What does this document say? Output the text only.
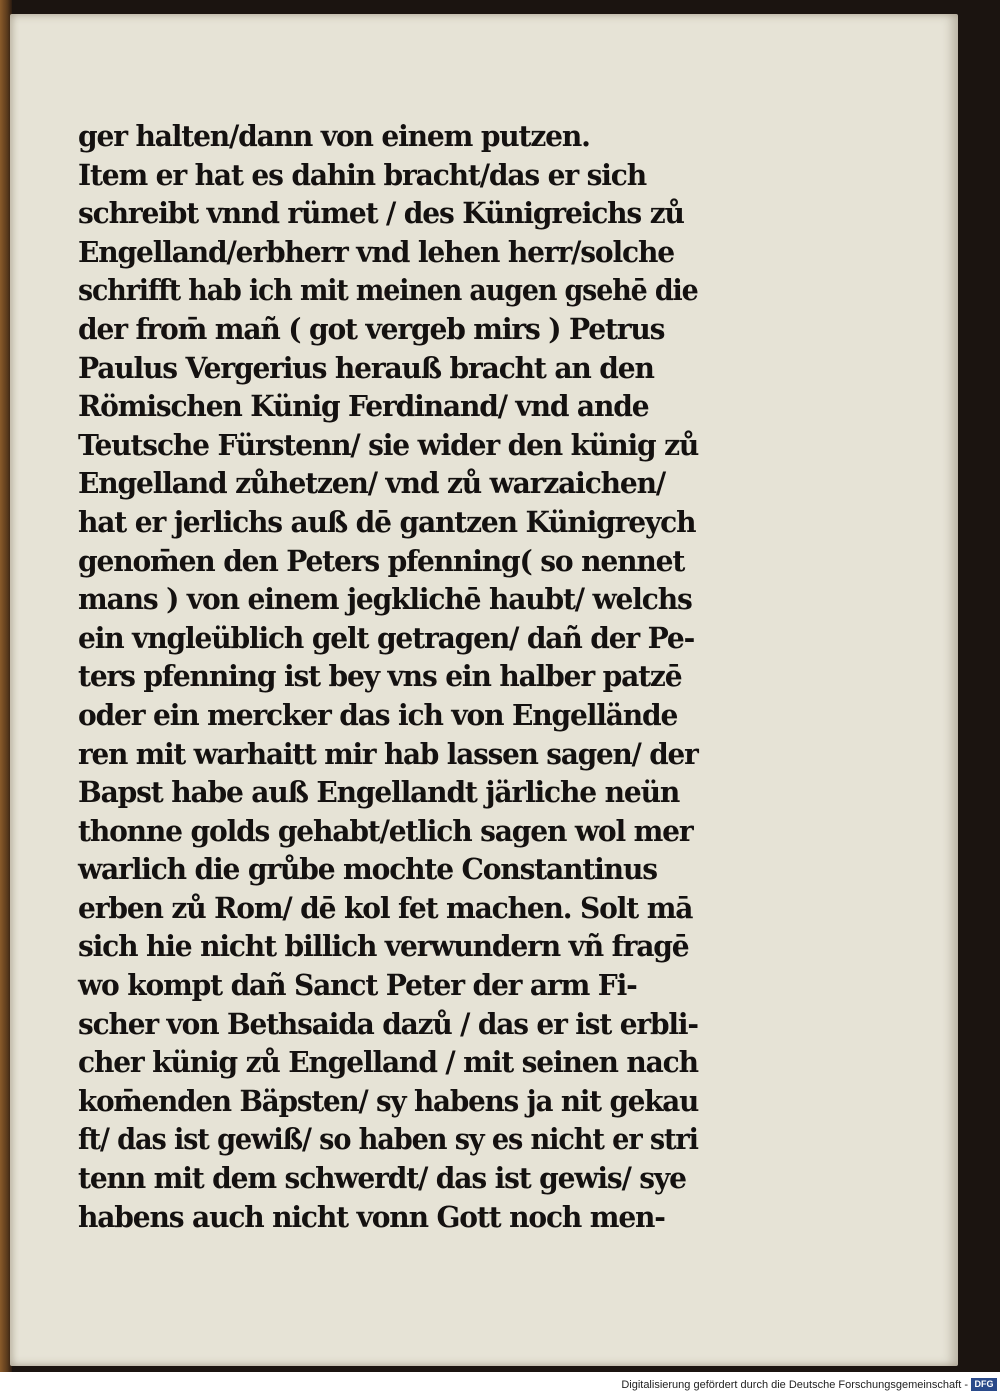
ger halten/dann von einem putzen.
Item er hat es dahin bracht/das er sich
schreibt vnnd rümet / des Künigreichs zů
Engelland/erbherr vnd lehen herr/solche
schrifft hab ich mit meinen augen gsehē die
der from̄ mañ ( got vergeb mirs ) Petrus
Paulus Vergerius herauß bracht an den
Römischen Künig Ferdinand/ vnd ande
Teutsche Fürstenn/ sie wider den künig zů
Engelland zůhetzen/ vnd zů warzaichen/
hat er jerlichs auß dē gantzen Künigreych
genom̄en den Peters pfenning( so nennet
mans ) von einem jegklichē haubt/ welchs
ein vngleüblich gelt getragen/ dañ der Pe-
ters pfenning ist bey vns ein halber patzē
oder ein mercker das ich von Engellände
ren mit warhaitt mir hab lassen sagen/ der
Bapst habe auß Engellandt järliche neün
thonne golds gehabt/etlich sagen wol mer
warlich die grůbe mochte Constantinus
erben zů Rom/ dē kol fet machen. Solt mā
sich hie nicht billich verwundern vñ fragē
wo kompt dañ Sanct Peter der arm Fi-
scher von Bethsaida dazů / das er ist erbli-
cher künig zů Engelland / mit seinen nach
kom̄enden Bäpsten/ sy habens ja nit gekau
ft/ das ist gewiß/ so haben sy es nicht er stri
tenn mit dem schwerdt/ das ist gewis/ sye
habens auch nicht vonn Gott noch men-
Digitalisierung gefördert durch die Deutsche Forschungsgemeinschaft - DFG
